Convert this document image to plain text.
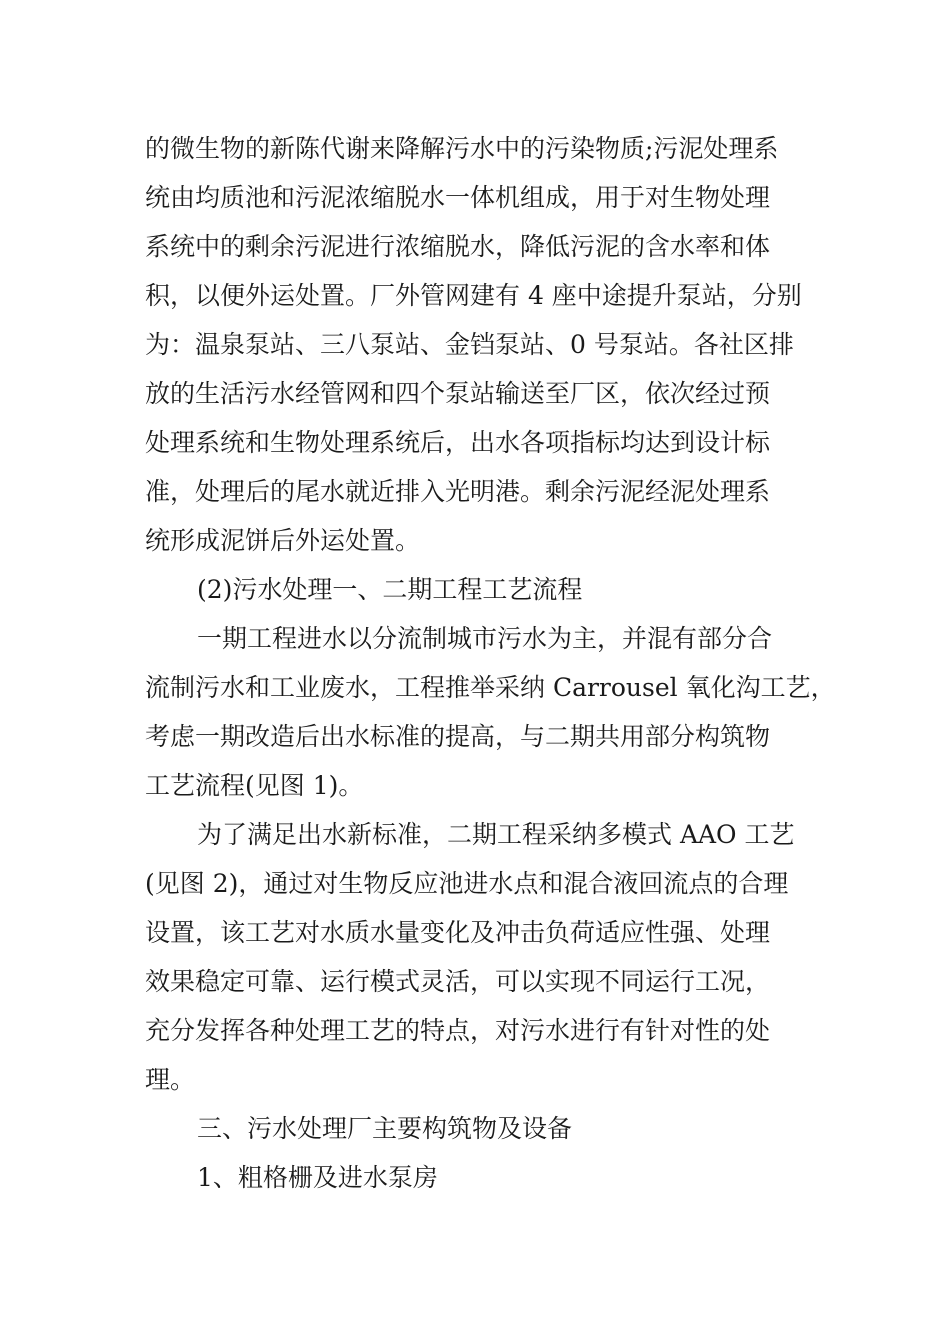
的微生物的新陈代谢来降解污水中的污染物质;污泥处理系
统由均质池和污泥浓缩脱水一体机组成，用于对生物处理
系统中的剩余污泥进行浓缩脱水，降低污泥的含水率和体
积，以便外运处置。厂外管网建有 4 座中途提升泵站，分别
为：温泉泵站、三八泵站、金铛泵站、0 号泵站。各社区排
放的生活污水经管网和四个泵站输送至厂区，依次经过预
处理系统和生物处理系统后，出水各项指标均达到设计标
准，处理后的尾水就近排入光明港。剩余污泥经泥处理系
统形成泥饼后外运处置。
(2)污水处理一、二期工程工艺流程
一期工程进水以分流制城市污水为主，并混有部分合
流制污水和工业废水，工程推举采纳 Carrousel 氧化沟工艺，
考虑一期改造后出水标准的提高，与二期共用部分构筑物
工艺流程(见图 1)。
为了满足出水新标准，二期工程采纳多模式 AAO 工艺
(见图 2)，通过对生物反应池进水点和混合液回流点的合理
设置，该工艺对水质水量变化及冲击负荷适应性强、处理
效果稳定可靠、运行模式灵活，可以实现不同运行工况，
充分发挥各种处理工艺的特点，对污水进行有针对性的处
理。
三、污水处理厂主要构筑物及设备
1、粗格栅及进水泵房
